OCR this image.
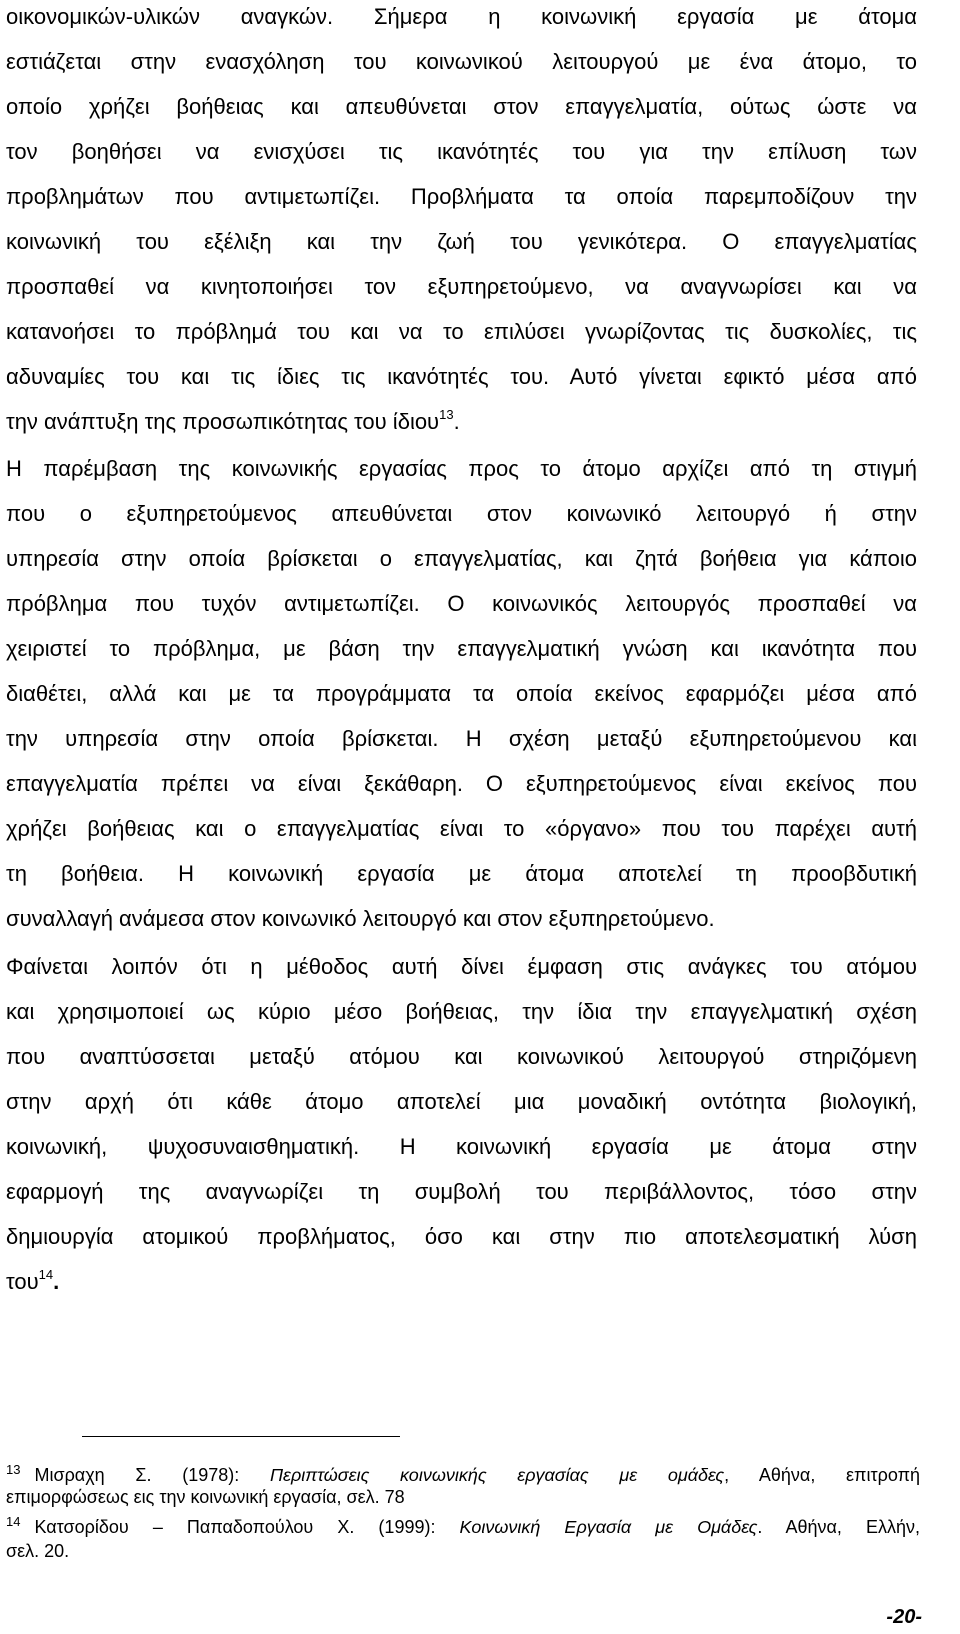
οικονομικών-υλικών αναγκών. Σήμερα η κοινωνική εργασία με άτομα
εστιάζεται στην ενασχόληση του κοινωνικού λειτουργού με ένα άτομο, το
οποίο χρήζει βοήθειας και απευθύνεται στον επαγγελματία, ούτως ώστε να
τον βοηθήσει να ενισχύσει τις ικανότητές του για την επίλυση των
προβλημάτων που αντιμετωπίζει. Προβλήματα τα οποία παρεμποδίζουν την
κοινωνική του εξέλιξη και την ζωή του γενικότερα. Ο επαγγελματίας
προσπαθεί να κινητοποιήσει τον εξυπηρετούμενο, να αναγνωρίσει και να
κατανοήσει το πρόβλημά του και να το επιλύσει γνωρίζοντας τις δυσκολίες, τις
αδυναμίες του και τις ίδιες τις ικανότητές του. Αυτό γίνεται εφικτό μέσα από
την ανάπτυξη της προσωπικότητας του ίδιου$^{13}$.
Η παρέμβαση της κοινωνικής εργασίας προς το άτομο αρχίζει από τη στιγμή
που ο εξυπηρετούμενος απευθύνεται στον κοινωνικό λειτουργό ή στην
υπηρεσία στην οποία βρίσκεται ο επαγγελματίας, και ζητά βοήθεια για κάποιο
πρόβλημα που τυχόν αντιμετωπίζει. Ο κοινωνικός λειτουργός προσπαθεί να
χειριστεί το πρόβλημα, με βάση την επαγγελματική γνώση και ικανότητα που
διαθέτει, αλλά και με τα προγράμματα τα οποία εκείνος εφαρμόζει μέσα από
την υπηρεσία στην οποία βρίσκεται. Η σχέση μεταξύ εξυπηρετούμενου και
επαγγελματία πρέπει να είναι ξεκάθαρη. Ο εξυπηρετούμενος είναι εκείνος που
χρήζει βοήθειας και ο επαγγελματίας είναι το «όργανο» που του παρέχει αυτή
τη βοήθεια. Η κοινωνική εργασία με άτομα αποτελεί τη προοβδυτική
συναλλαγή ανάμεσα στον κοινωνικό λειτουργό και στον εξυπηρετούμενο.
Φαίνεται λοιπόν ότι η μέθοδος αυτή δίνει έμφαση στις ανάγκες του ατόμου
και χρησιμοποιεί ως κύριο μέσο βοήθειας, την ίδια την επαγγελματική σχέση
που αναπτύσσεται μεταξύ ατόμου και κοινωνικού λειτουργού στηριζόμενη
στην αρχή ότι κάθε άτομο αποτελεί μια μοναδική οντότητα βιολογική,
κοινωνική, ψυχοσυναισθηματική. Η κοινωνική εργασία με άτομα στην
εφαρμογή της αναγνωρίζει τη συμβολή του περιβάλλοντος, τόσο στην
δημιουργία ατομικού προβλήματος, όσο και στην πιο αποτελεσματική λύση
του$^{14}$.
$^{13}$ Μισραχη Σ. (1978): Περιπτώσεις κοινωνικής εργασίας με ομάδες, Αθήνα, επιτροπή
επιμορφώσεως εις την κοινωνική εργασία, σελ. 78
$^{14}$ Κατσορίδου – Παπαδοπούλου Χ. (1999): Κοινωνική Εργασία με Ομάδες. Αθήνα, Ελλήν,
σελ. 20.
-20-
